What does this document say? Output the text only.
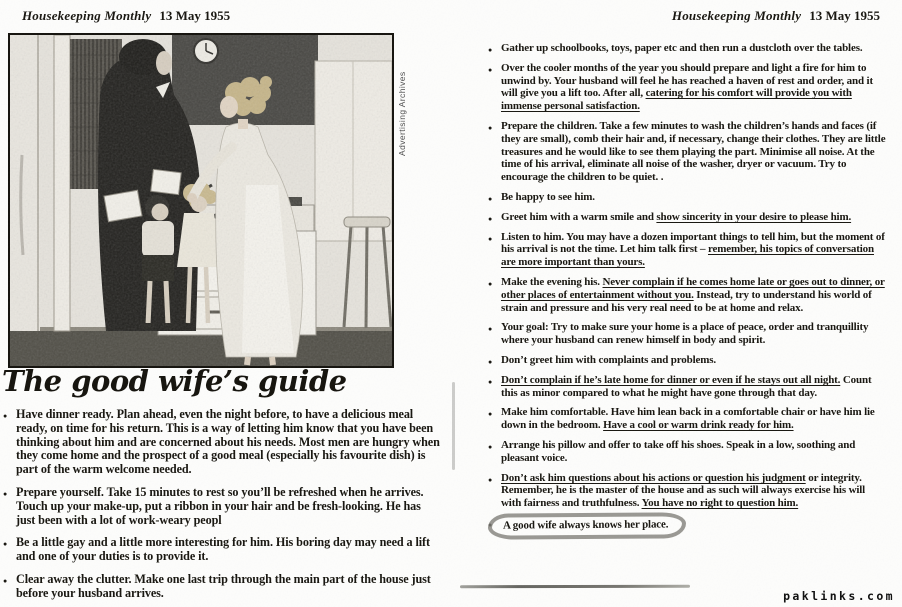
Housekeeping Monthly 13 May 1955
Advertising Archives
The good wife’s guide
● Have dinner ready. Plan ahead, even the night before, to have a delicious meal ready, on time for his return. This is a way of letting him know that you have been thinking about him and are concerned about his needs. Most men are hungry when they come home and the prospect of a good meal (especially his favourite dish) is part of the warm welcome needed.
● Prepare yourself. Take 15 minutes to rest so you’ll be refreshed when he arrives. Touch up your make-up, put a ribbon in your hair and be fresh-looking. He has just been with a lot of work-weary peopl
● Be a little gay and a little more interesting for him. His boring day may need a lift and one of your duties is to provide it.
● Clear away the clutter. Make one last trip through the main part of the house just before your husband arrives.
Housekeeping Monthly 13 May 1955
● Gather up schoolbooks, toys, paper etc and then run a dustcloth over the tables.
● Over the cooler months of the year you should prepare and light a fire for him to unwind by. Your husband will feel he has reached a haven of rest and order, and it will give you a lift too. After all, catering for his comfort will provide you with immense personal satisfaction.
● Prepare the children. Take a few minutes to wash the children’s hands and faces (if they are small), comb their hair and, if necessary, change their clothes. They are little treasures and he would like to see them playing the part. Minimise all noise. At the time of his arrival, eliminate all noise of the washer, dryer or vacuum. Try to encourage the children to be quiet. .
● Be happy to see him.
● Greet him with a warm smile and show sincerity in your desire to please him.
● Listen to him. You may have a dozen important things to tell him, but the moment of his arrival is not the time. Let him talk first – remember, his topics of conversation are more important than yours.
● Make the evening his. Never complain if he comes home late or goes out to dinner, or other places of entertainment without you. Instead, try to understand his world of strain and pressure and his very real need to be at home and relax.
● Your goal: Try to make sure your home is a place of peace, order and tranquillity where your husband can renew himself in body and spirit.
● Don’t greet him with complaints and problems.
● Don’t complain if he’s late home for dinner or even if he stays out all night. Count this as minor compared to what he might have gone through that day.
● Make him comfortable. Have him lean back in a comfortable chair or have him lie down in the bedroom. Have a cool or warm drink ready for him.
● Arrange his pillow and offer to take off his shoes. Speak in a low, soothing and pleasant voice.
● Don’t ask him questions about his actions or question his judgment or integrity. Remember, he is the master of the house and as such will always exercise his will with fairness and truthfulness. You have no right to question him.
● A good wife always knows her place.
paklinks.com
